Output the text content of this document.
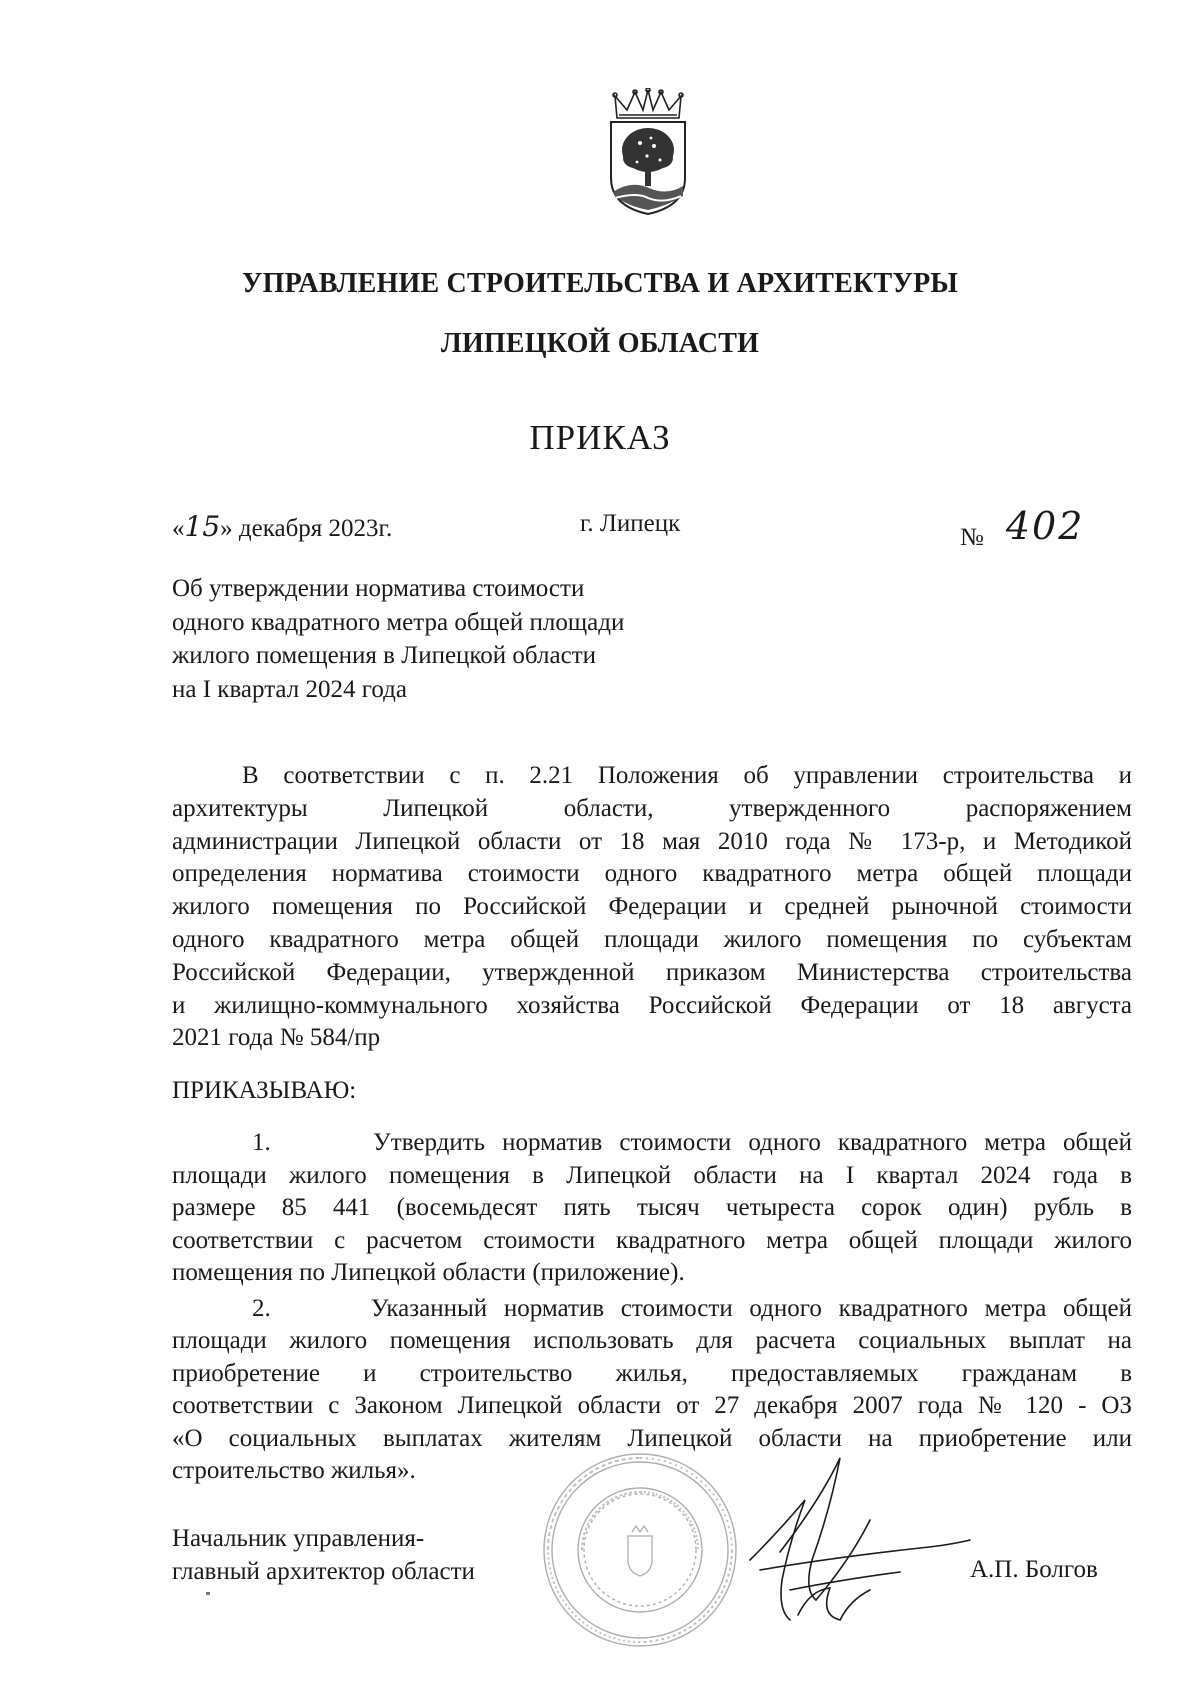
УПРАВЛЕНИЕ СТРОИТЕЛЬСТВА И АРХИТЕКТУРЫ
ЛИПЕЦКОЙ ОБЛАСТИ
ПРИКАЗ
«15» декабря 2023г.	г. Липецк
№ 402
Об утверждении норматива стоимости
одного квадратного метра общей площади
жилого помещения в Липецкой области
на I квартал 2024 года
В соответствии с п. 2.21 Положения об управлении строительства и
архитектуры Липецкой области, утвержденного распоряжением
администрации Липецкой области от 18 мая 2010 года № 173-р, и Методикой
определения норматива стоимости одного квадратного метра общей площади
жилого помещения по Российской Федерации и средней рыночной стоимости
одного квадратного метра общей площади жилого помещения по субъектам
Российской Федерации, утвержденной приказом Министерства строительства
и жилищно-коммунального хозяйства Российской Федерации от 18 августа
2021 года № 584/пр
ПРИКАЗЫВАЮ:
1.      Утвердить норматив стоимости одного квадратного метра общей
площади жилого помещения в Липецкой области на I квартал 2024 года в
размере 85 441 (восемьдесят пять тысяч четыреста сорок один) рубль в
соответствии с расчетом стоимости квадратного метра общей площади жилого
помещения по Липецкой области (приложение).
2.      Указанный норматив стоимости одного квадратного метра общей
площади жилого помещения использовать для расчета социальных выплат на
приобретение и строительство жилья, предоставляемых гражданам в
соответствии с Законом Липецкой области от 27 декабря 2007 года № 120 - ОЗ
«О социальных выплатах жителям Липецкой области на приобретение или
строительство жилья».
Начальник управления-
главный архитектор области	А.П. Болгов
